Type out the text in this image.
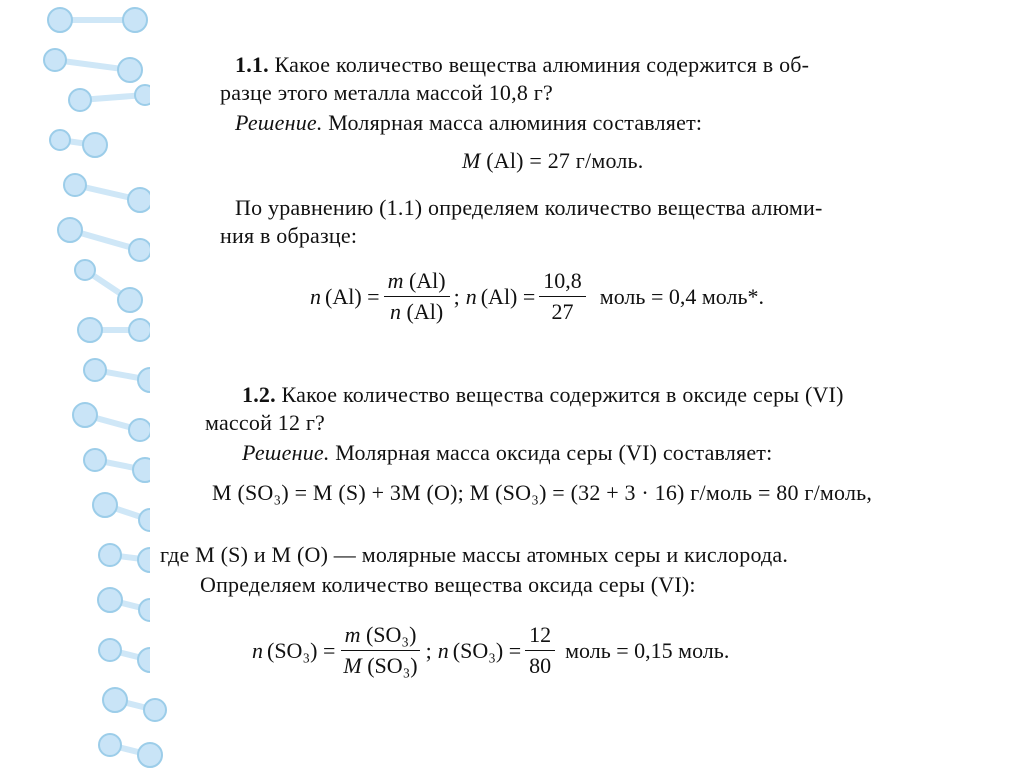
1.1. Какое количество вещества алюминия содержится в об-
разце этого металла массой 10,8 г?
Решение. Молярная масса алюминия составляет:
M (Al) = 27 г/моль.
По уравнению (1.1) определяем количество вещества алюми-
ния в образце:
n $(Al) = \frac{m (Al)}{n (Al)}$ ; n $(Al) = \frac{10,8}{27}$ моль = 0,4 моль*.
1.2. Какое количество вещества содержится в оксиде серы (VI)
массой 12 г?
Решение. Молярная масса оксида серы (VI) составляет:
M (SO₃) = M (S) + 3M (O); M (SO₃) = (32 + 3 · 16) г/моль = 80 г/моль,
где M (S) и M (O) — молярные массы атомных серы и кислорода.
Определяем количество вещества оксида серы (VI):
n $(SO_3) = \frac{\text{m (SO₃)}}{\text{M (SO₃)}}$ ; n $(SO_3) = \frac{12}{80}$ моль = 0,15 моль.
